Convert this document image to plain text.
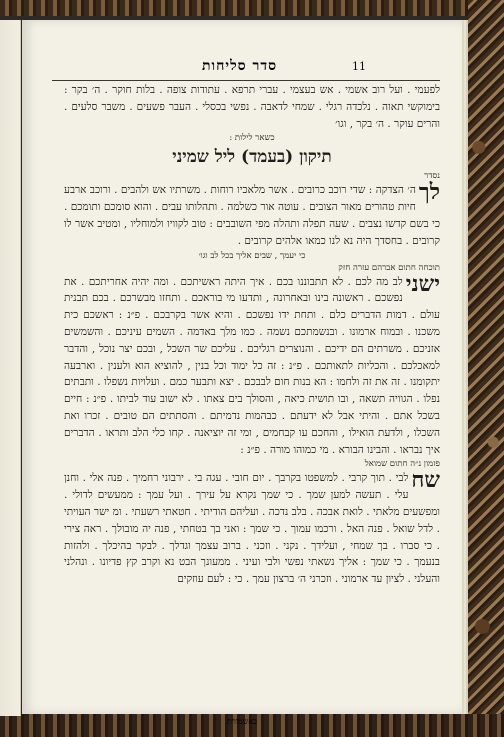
11
סדר סליחות

לפעמי . ועל רוב אשמי . אש בעצמי . עברי תרפא . עתודות צופה . בלות חוקר . ה׳ בקר : בימוקשי תאוה . נלכדה רגלי . שמחי לדאבה . נפשי בכסלי . העבר פשעים . משבר סלעים . והרים עוקר . ה׳ בקר , וגו׳

כשאר לילות :

תיקון (בעמד) ליל שמיני

נסדר

לך
ה׳ הצדקה : שדי רוכב כרובים . אשר מלאכיו רוחות . משרתיו אש ולהבים . ורוכב ארבע חיות טהורים מאור הצובים . עוטה אור כשלמה . ותהלותו עבים . והוא סומכם ותומכם . כי בשם קדשו נצבים . שעה תפלה ותהלה מפי השובבים : טוב לקוויו ולמוחליו , ומטיב אשר לו קרובים . בחסדך היה נא לנו כמאו אלהים קרובים .

כי יעמך , שבים אליך בכל לב וגו׳

תוכחה חתום אברהם עזרה חזק

ישני
לב מה לכם . לא תתבוננו בכם . איך היתה ראשיתכם . ומה יהיה אחריתכם . את נפשכם . ראשונה בינו ובאחרונה , ותדעו מי בוראכם . ותחזו מבשרכם . בכם תבנית עולם . דמות הדברים כלם . ותחת ידו נפשכם . והיא אשר בקרבכם . פ״נ : ראשכם כית משכנו . ובמוח ארמונו . ובנשמתכם נשמה . כמו מלך באדמה . השמים עיניכם . והשמשים אזניכם . משרתים הם ידיכם . והנוצרים רגליכם . עליכם שר השכל , ובכם יצר נוכל , והדבר למאכלכם . והכליות לתאותכם . פ״נ : זה כל ימוד וכל בנין , להוציא הוא ולענין . וארבעה יתקומנו . זה את זה ולחמו : הא בנות חום לבבכם . יצא ותבער כמם . ועלויות נשפלו . ותבתים נפלו . הגוויה תשאה , ובו תושית כיאה , והסולך בים צאתו . לא ישוב עוד לביתו . פ״נ : חיים בשכל אתם . והיתי אבל לא ידעתם . כבהמות נדמיתם . והסתתים הם טובים . זכרו ואת השכלו , ולדעת הואילו , והחכם עו קבחמים , ומי זה יוציאנה . קחו כלי הלב ותראו . הדברים איך נבראו . והבינו הבורא . מי כמוהו מורה . פ״נ :

פזמון נ״ה חתום שמואל

שח
לבי . תוך קרבי . למשפטו בקרבך . יום חובי . עגה בי . ירבוני רחמיך . פנה אלי . וחנן עלי . תעשה למען שמך . כי שמך נקרא על עירך . ועל עמך : ממעשים לדולי . ומפשעים מלאתי . לואת אבכה . בלב נדכה . ועליהם הודיתי . חטאתי רשעתי . ומ ישר העויתי . לדל שואל . פנה האל . ורכמו עמוך . כי שמך : ואני בך בטחתי , פנה יה מובולך . ראה צירי . כי סברו . בך שמחי , ועלידך . נקני . וזכני . ברוב עצמך וגדלך . לבקר בהיכלך . ולהזות בנעמך . כי שמך : אליך נשאתי נפשי ולבי ועיני . ממעונך הבט נא וקרב קץ פדיונו . ונהלני והעלני . לציון עד ארמוני . וזכרני ה׳ ברצון עמך . כי : לעם עוזקים

באשמורת
